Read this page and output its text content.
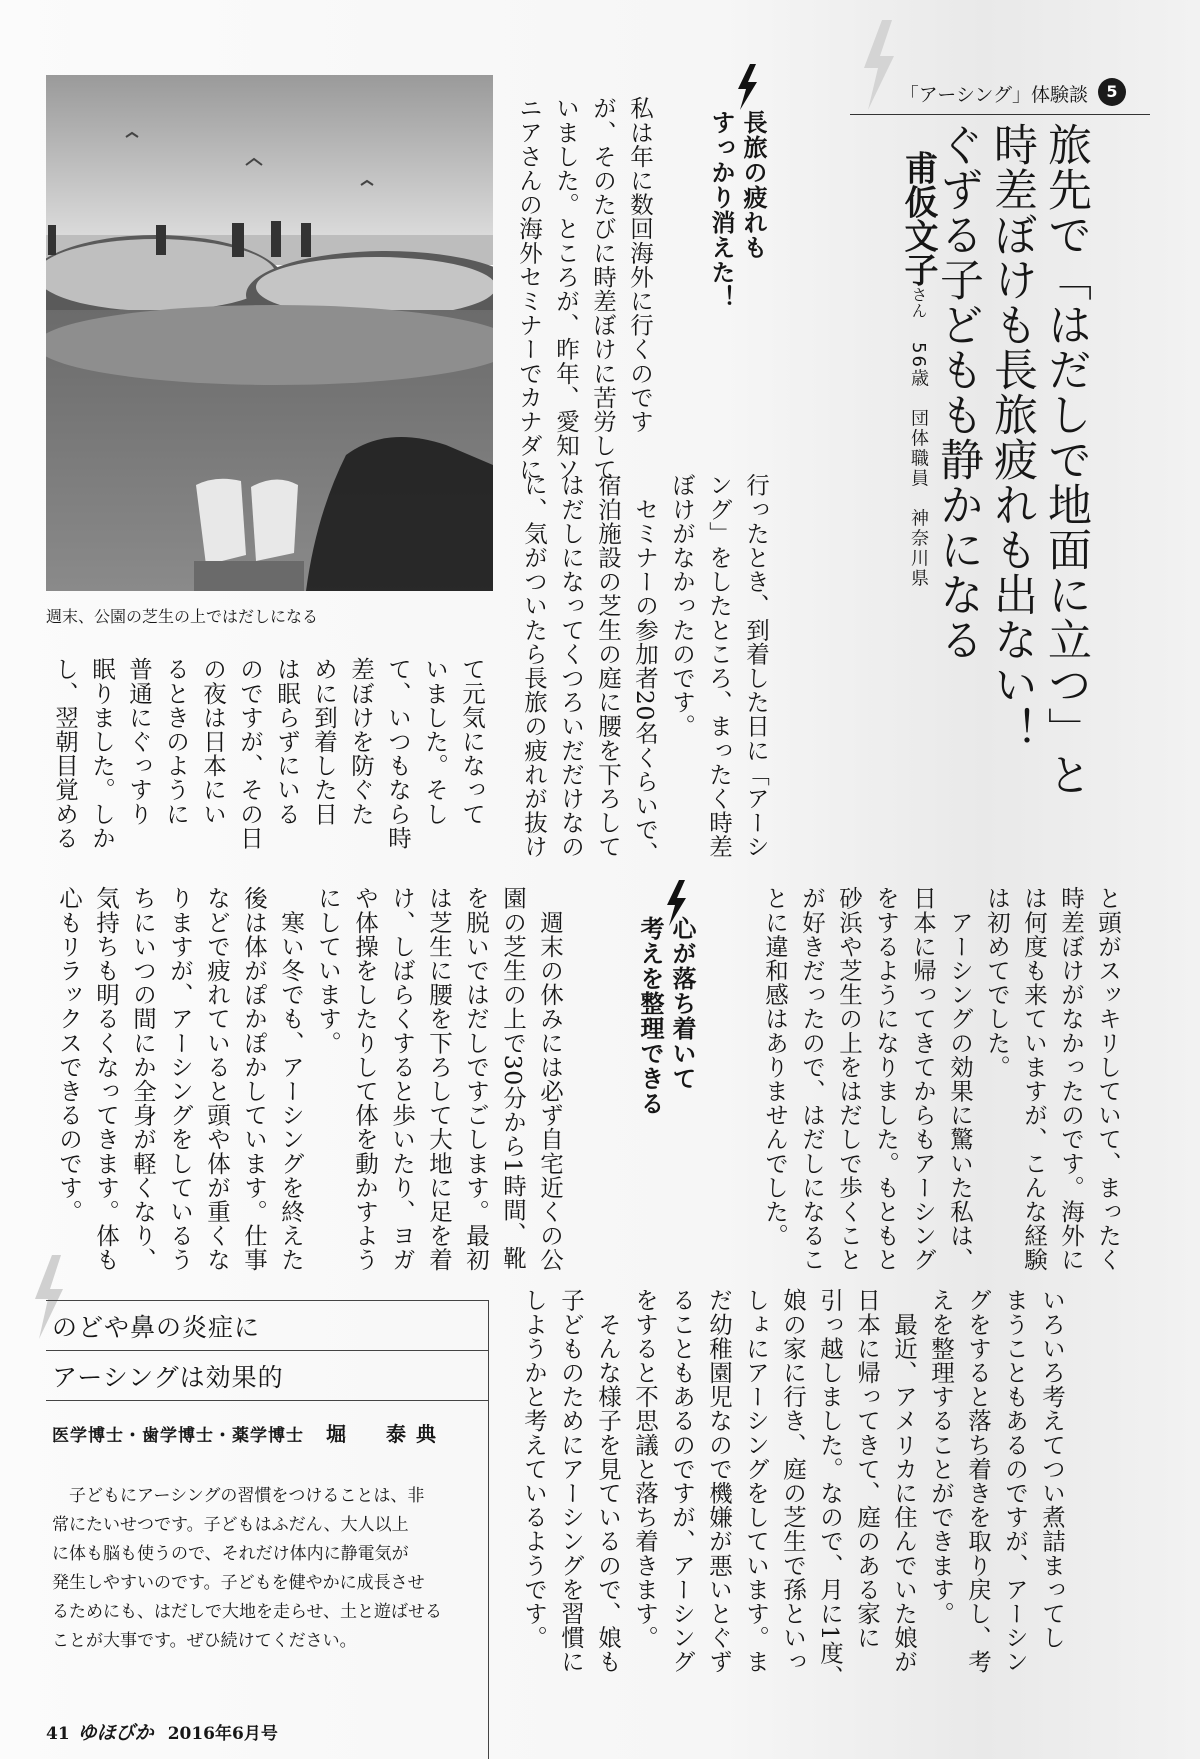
「アーシング」体験談	5
旅先で「はだしで地面に立つ」と
時差ぼけも長旅疲れも出ない！
ぐずる子どもも静かになる

甫仮文子さん56歳　団体職員　神奈川県

長旅の疲れも
すっかり消えた！
私は年に数回海外に行くのです
が、そのたびに時差ぼけに苦労して
いました。ところが、昨年、愛知ソ
ニアさんの海外セミナーでカナダに
行ったとき、到着した日に「アーシ
ング」をしたところ、まったく時差
ぼけがなかったのです。
　セミナーの参加者20名くらいで、
宿泊施設の芝生の庭に腰を下ろして
はだしになってくつろいだだけなの
に、気がついたら長旅の疲れが抜け
て元気になって
いました。そし
て、いつもなら時
差ぼけを防ぐた
めに到着した日
は眠らずにいる
のですが、その日
の夜は日本にい
るときのように
普通にぐっすり
眠りました。しか
し、翌朝目覚める
と頭がスッキリしていて、まったく
時差ぼけがなかったのです。海外に
は何度も来ていますが、こんな経験
は初めてでした。
　アーシングの効果に驚いた私は、
日本に帰ってきてからもアーシング
をするようになりました。もともと
砂浜や芝生の上をはだしで歩くこと
が好きだったので、はだしになるこ
とに違和感はありませんでした。
心が落ち着いて
考えを整理できる
　週末の休みには必ず自宅近くの公
園の芝生の上で30分から1時間、靴
を脱いではだしですごします。最初
は芝生に腰を下ろして大地に足を着
け、しばらくすると歩いたり、ヨガ
や体操をしたりして体を動かすよう
にしています。
　寒い冬でも、アーシングを終えた
後は体がぽかぽかしています。仕事
などで疲れていると頭や体が重くな
りますが、アーシングをしているう
ちにいつの間にか全身が軽くなり、
気持ちも明るくなってきます。体も
心もリラックスできるのです。
いろいろ考えてつい煮詰まってし
まうこともあるのですが、アーシン
グをすると落ち着きを取り戻し、考
えを整理することができます。
　最近、アメリカに住んでいた娘が
日本に帰ってきて、庭のある家に
引っ越しました。なので、月に1度、
娘の家に行き、庭の芝生で孫といっ
しょにアーシングをしています。ま
だ幼稚園児なので機嫌が悪いとぐず
ることもあるのですが、アーシング
をすると不思議と落ち着きます。
　そんな様子を見ているので、娘も
子どものためにアーシングを習慣に
しようかと考えているようです。
週末、公園の芝生の上ではだしになる
のどや鼻の炎症に
アーシングは効果的
医学博士・歯学博士・薬学博士 堀　泰典
　子どもにアーシングの習慣をつけることは、非
常にたいせつです。子どもはふだん、大人以上
に体も脳も使うので、それだけ体内に静電気が
発生しやすいのです。子どもを健やかに成長させ
るためにも、はだしで大地を走らせ、土と遊ばせる
ことが大事です。ぜひ続けてください。
41 ゆほびか 2016年6月号
